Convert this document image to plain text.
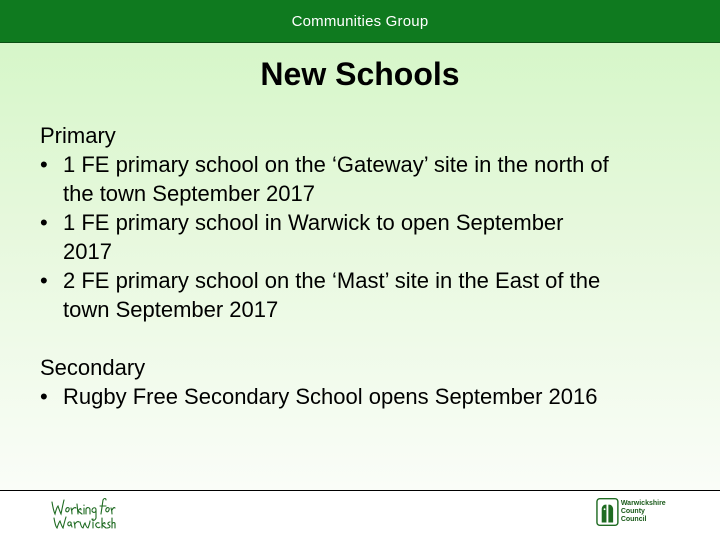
Communities Group
New Schools
Primary
• 1 FE primary school on the ‘Gateway’ site in the north of
the town September 2017
• 1 FE primary school in Warwick to open September
2017
• 2 FE primary school on the ‘Mast’ site in the East of the
town September 2017
Secondary
• Rugby Free Secondary School opens September 2016
Warwickshire
County Council
